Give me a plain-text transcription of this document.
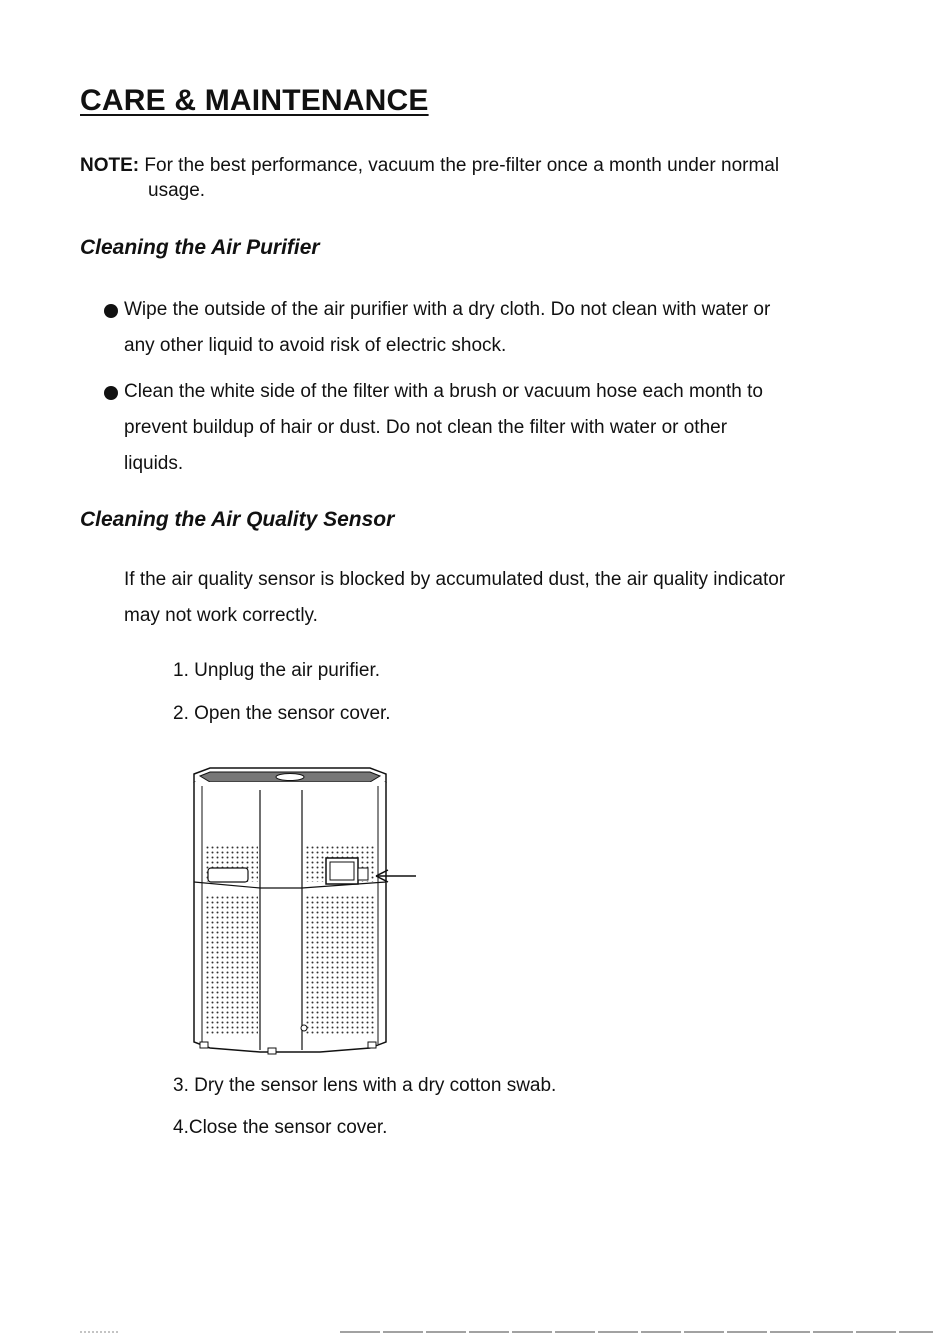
CARE & MAINTENANCE
NOTE: For the best performance, vacuum the pre-filter once a month under normal
usage.
Cleaning the Air Purifier
Wipe the outside of the air purifier with a dry cloth. Do not clean with water or
any other liquid to avoid risk of electric shock.
Clean the white side of the filter with a brush or vacuum hose each month to
prevent buildup of hair or dust. Do not clean the filter with water or other
liquids.
Cleaning the Air Quality Sensor
If the air quality sensor is blocked by accumulated dust, the air quality indicator
may not work correctly.
1. Unplug the air purifier.
2. Open the sensor cover.
3. Dry the sensor lens with a dry cotton swab.
4.Close the sensor cover.
